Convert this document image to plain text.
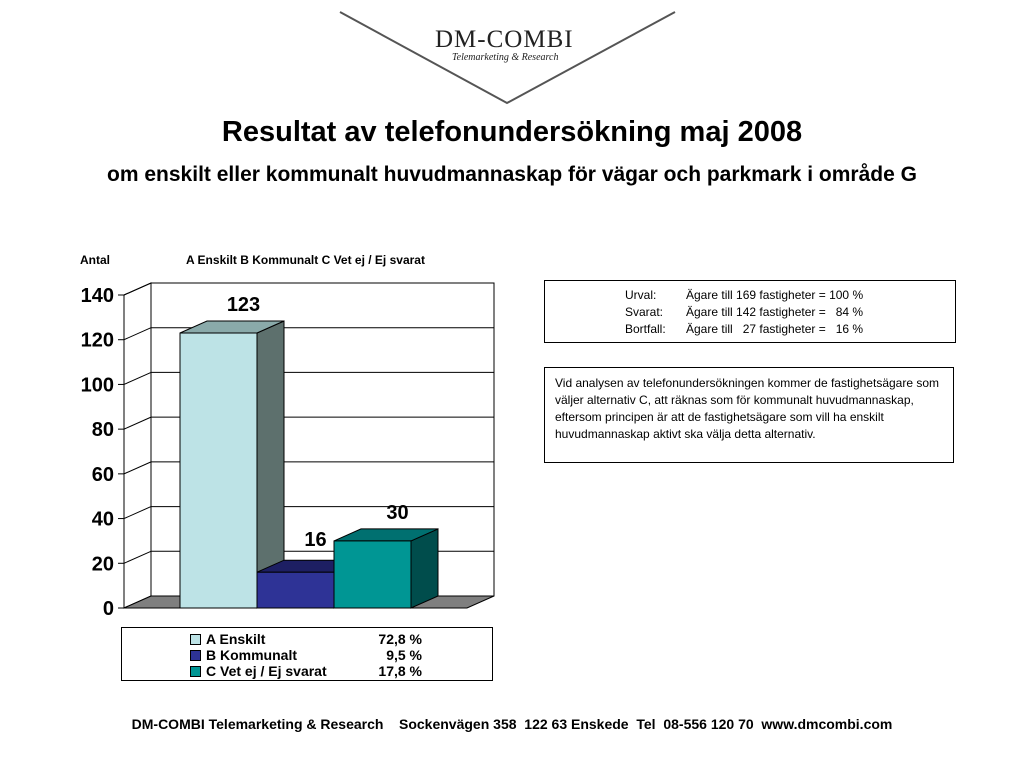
DM-COMBI
Telemarketing & Research
Resultat av telefonundersökning maj 2008
om enskilt eller kommunalt huvudmannaskap för vägar och parkmark i område G
Antal	A Enskilt B Kommunalt C Vet ej / Ej svarat
0
20
40
60
80
100
120
140	123
16
30
A Enskilt	72,8 %
B Kommunalt	9,5 %
C Vet ej / Ej svarat	17,8 %
Urval: Ägare till 169 fastigheter = 100 %
Svarat: Ägare till 142 fastigheter =   84 %
Bortfall: Ägare till   27 fastigheter =   16 %
Vid analysen av telefonundersökningen kommer de fastighetsägare som väljer alternativ C, att räknas som för kommunalt huvudmannaskap, eftersom principen är att de fastighetsägare som vill ha enskilt huvudmannaskap aktivt ska välja detta alternativ.
DM-COMBI Telemarketing & Research    Sockenvägen 358  122 63 Enskede  Tel  08-556 120 70  www.dmcombi.com
